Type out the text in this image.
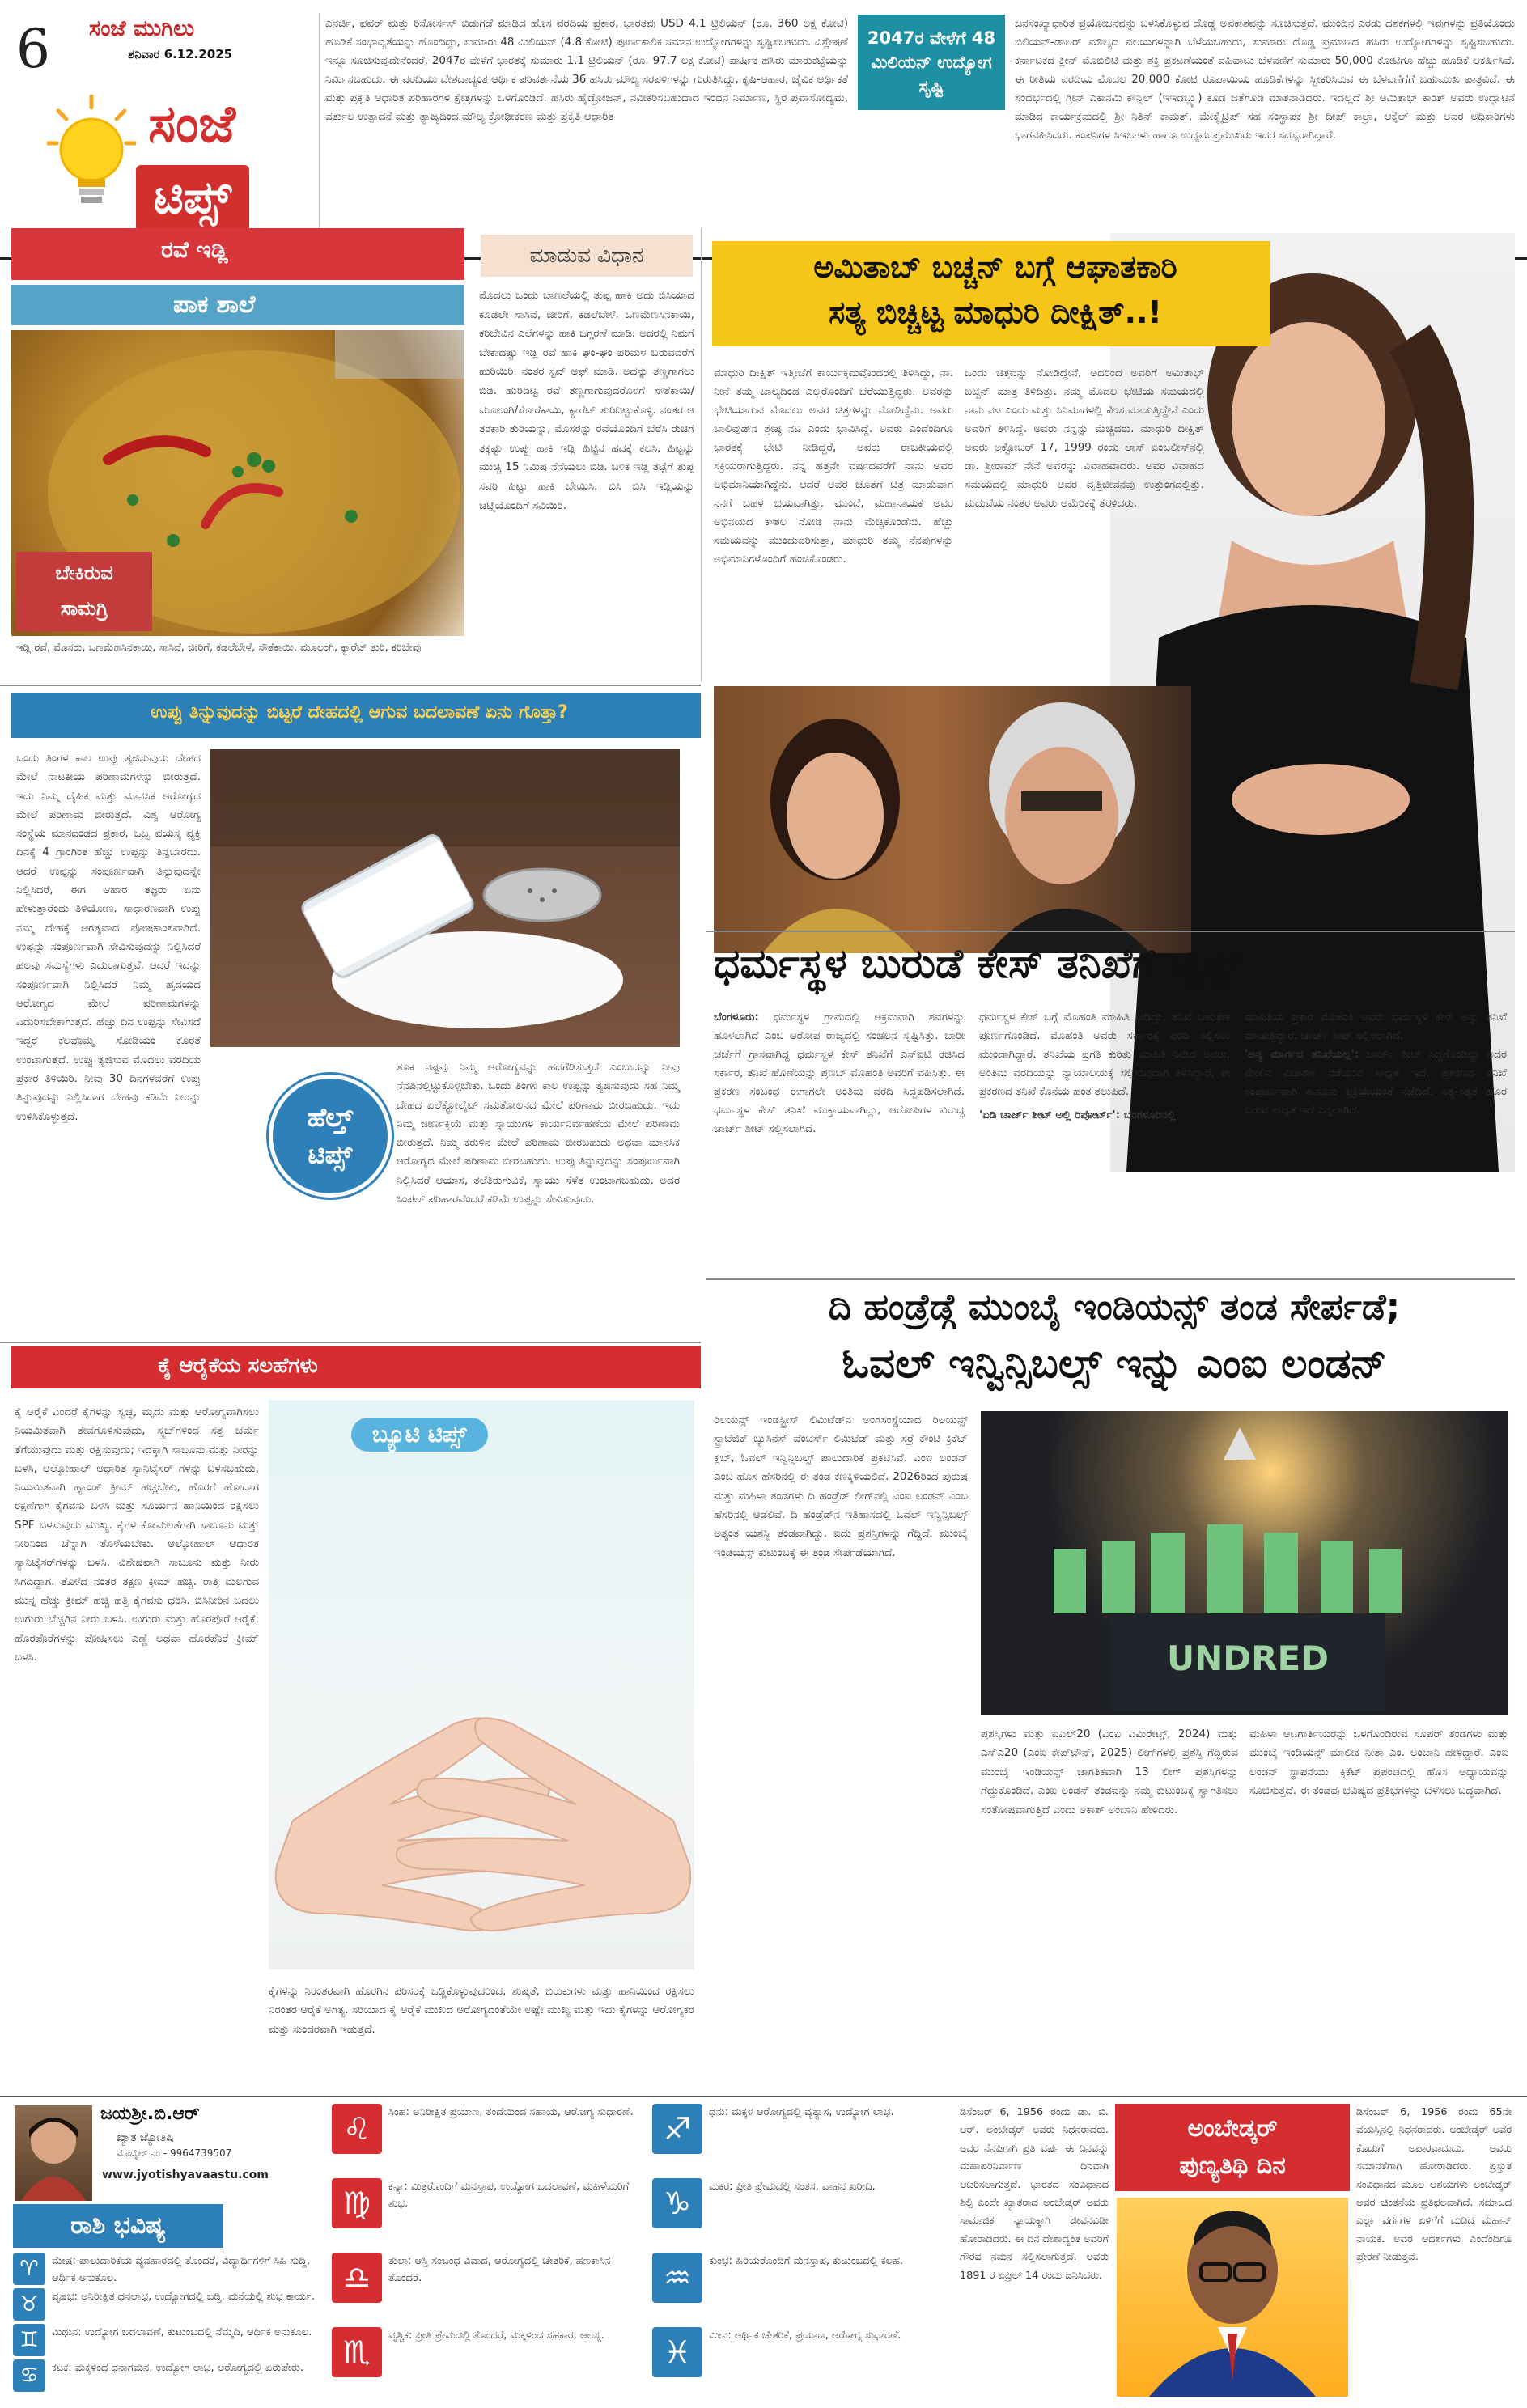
6 ಸಂಜೆ ಮುಗಿಲು
ಶನಿವಾರ 6.12.2025
ಸಂಜೆ
ಟಿಪ್ಸ್
ಎನರ್ಜಿ, ಪವರ್ ಮತ್ತು ರಿಸೋರ್ಸಸ್ ಬಿಡುಗಡೆ ಮಾಡಿದ ಹೊಸ ವರದಿಯ ಪ್ರಕಾರ, ಭಾರತವು USD 4.1 ಟ್ರಿಲಿಯನ್ (ರೂ. 360 ಲಕ್ಷ ಕೋಟಿ) ಹೂಡಿಕೆ ಸಂಭಾವ್ಯತೆಯನ್ನು ಹೊಂದಿದ್ದು, ಸುಮಾರು 48 ಮಿಲಿಯನ್ (4.8 ಕೋಟಿ) ಪೂರ್ಣಕಾಲಿಕ ಸಮಾನ ಉದ್ಯೋಗಗಳನ್ನು ಸೃಷ್ಟಿಸಬಹುದು. ವಿಶ್ಲೇಷಣೆ ಇನ್ನೂ ಸೂಚಿಸುವುದೇನೆಂದರೆ, 2047ರ ವೇಳೆಗೆ ಭಾರತಕ್ಕೆ ಸುಮಾರು 1.1 ಟ್ರಿಲಿಯನ್ (ರೂ. 97.7 ಲಕ್ಷ ಕೋಟಿ) ವಾರ್ಷಿಕ ಹಸಿರು ಮಾರುಕಟ್ಟೆಯನ್ನು ನಿರ್ಮಿಸಬಹುದು. ಈ ವರದಿಯು ದೇಶದಾದ್ಯಂತ ಆರ್ಥಿಕ ಪರಿವರ್ತನೆಯ 36 ಹಸಿರು ಮೌಲ್ಯ ಸರಪಳಿಗಳನ್ನು ಗುರುತಿಸಿದ್ದು, ಕೃಷಿ-ಆಹಾರ, ಜೈವಿಕ ಆರ್ಥಿಕತೆ ಮತ್ತು ಪ್ರಕೃತಿ ಆಧಾರಿತ ಪರಿಹಾರಗಳ ಕ್ಷೇತ್ರಗಳನ್ನು ಒಳಗೊಂಡಿದೆ. ಹಸಿರು ಹೈಡ್ರೋಜನ್, ನವೀಕರಿಸಬಹುದಾದ ಇಂಧನ ನಿರ್ಮಾಣ, ಸ್ಥಿರ ಪ್ರವಾಸೋದ್ಯಮ, ವರ್ತುಲ ಉತ್ಪಾದನೆ ಮತ್ತು ತ್ಯಾಜ್ಯದಿಂದ ಮೌಲ್ಯ ಕ್ರೋಢೀಕರಣ ಮತ್ತು ಪ್ರಕೃತಿ ಆಧಾರಿತ
2047ರ ವೇಳೆಗೆ 48 ಮಿಲಿಯನ್ ಉದ್ಯೋಗ ಸೃಷ್ಟಿ
ಜನಸಂಖ್ಯಾಧಾರಿತ ಪ್ರಯೋಜನವನ್ನು ಬಳಸಿಕೊಳ್ಳುವ ದೊಡ್ಡ ಅವಕಾಶವನ್ನು ಸೂಚಿಸುತ್ತದೆ. ಮುಂದಿನ ಎರಡು ದಶಕಗಳಲ್ಲಿ ಇವುಗಳನ್ನು ಪ್ರತಿಯೊಂದು ಬಿಲಿಯನ್-ಡಾಲರ್ ಮೌಲ್ಯದ ವಲಯಗಳನ್ನಾಗಿ ಬೆಳೆಯಬಹುದು, ಸುಮಾರು ದೊಡ್ಡ ಪ್ರಮಾಣದ ಹಸಿರು ಉದ್ಯೋಗಗಳನ್ನು ಸೃಷ್ಟಿಸಬಹುದು. ಕರ್ನಾಟಕದ ಕ್ಲೀನ್ ಮೊಬಿಲಿಟಿ ಮತ್ತು ಶಕ್ತಿ ಪ್ರಕಟಣೆಯಂತೆ ವಹಿವಾಟು ಬೆಳವಣಿಗೆ ಸುಮಾರು 50,000 ಕೋಟಿಗೂ ಹೆಚ್ಚು ಹೂಡಿಕೆ ಆಕರ್ಷಿಸಿವೆ. ಈ ರೀತಿಯ ವರದಿಯ ಮೊದಲ 20,000 ಕೋಟಿ ರೂಪಾಯಿಯ ಹೂಡಿಕೆಗಳನ್ನು ಸ್ವೀಕರಿಸಿರುವ ಈ ಬೆಳವಣಿಗೆಗೆ ಬಹುಮುಖ ಪಾತ್ರವಿದೆ. ಈ ಸಂದರ್ಭದಲ್ಲಿ ಗ್ರೀನ್ ಎಕಾನಮಿ ಕೌನ್ಸಿಲ್ (ಇಇಡಬ್ಲ್ಯು) ಕೂಡ ಜತೆಗೂಡಿ ಮಾತನಾಡಿದರು. ಇದಲ್ಲದೆ ಶ್ರೀ ಅಮಿತಾಭ್ ಕಾಂತ್ ಅವರು ಉದ್ಘಾಟನೆ ಮಾಡಿದ ಕಾರ್ಯಕ್ರಮದಲ್ಲಿ ಶ್ರೀ ನಿತಿನ್ ಕಾಮತ್, ಮೇಕ್ಮೈಟ್ರಿಪ್ ಸಹ ಸಂಸ್ಥಾಪಕ ಶ್ರೀ ದೀಪ್ ಕಾಲ್ರಾ, ಆಕ್ಸೆಲ್ ಮತ್ತು ಅವರ ಅಧಿಕಾರಿಗಳು ಭಾಗವಹಿಸಿದರು. ಕಂಪನಿಗಳ ಸಿಇಒಗಳು ಹಾಗೂ ಉದ್ಯಮ ಪ್ರಮುಖರು ಇದರ ಸದಸ್ಯರಾಗಿದ್ದಾರೆ.
ರವೆ ಇಡ್ಲಿ	ಮಾಡುವ ವಿಧಾನ
ಪಾಕ ಶಾಲೆ
ಬೇಕಿರುವ
ಸಾಮಗ್ರಿ
ಇಡ್ಲಿ ರವೆ, ಮೊಸರು, ಒಣಮೆಣಸಿನಕಾಯಿ, ಸಾಸಿವೆ, ಜೀರಿಗೆ, ಕಡಲೆಬೇಳೆ, ಸೌತೆಕಾಯಿ, ಮೂಲಂಗಿ, ಕ್ಯಾರೆಟ್ ತುರಿ, ಕರಿಬೇವು
ಮೊದಲು ಒಂದು ಬಾಣಲೆಯಲ್ಲಿ ತುಪ್ಪ ಹಾಕಿ ಅದು ಬಿಸಿಯಾದ ಕೂಡಲೇ ಸಾಸಿವೆ, ಜೀರಿಗೆ, ಕಡಲೆಬೇಳೆ, ಒಣಮೆಣಸಿನಕಾಯಿ, ಕರಿಬೇವಿನ ಎಲೆಗಳನ್ನು ಹಾಕಿ ಒಗ್ಗರಣೆ ಮಾಡಿ. ಅದರಲ್ಲಿ ನಿಮಗೆ ಬೇಕಾದಷ್ಟು ಇಡ್ಲಿ ರವೆ ಹಾಕಿ ಘಂ-ಘಂ ಪರಿಮಳ ಬರುವವರೆಗೆ ಹುರಿಯಿರಿ. ನಂತರ ಸ್ಟವ್ ಆಫ್ ಮಾಡಿ. ಅದನ್ನು ತಣ್ಣಗಾಗಲು ಬಿಡಿ. ಹುರಿದಿಟ್ಟ ರವೆ ತಣ್ಣಗಾಗುವುದರೊಳಗೆ ಸೌತೆಕಾಯಿ/ಮೂಲಂಗಿ/ಸೋರೆಕಾಯಿ, ಕ್ಯಾರೆಟ್ ತುರಿದಿಟ್ಟುಕೊಳ್ಳಿ. ನಂತರ ಆ ತರಕಾರಿ ತುರಿಯನ್ನು, ಮೊಸರನ್ನು ರವೆಯೊಂದಿಗೆ ಬೆರೆಸಿ ರುಚಿಗೆ ತಕ್ಕಷ್ಟು ಉಪ್ಪು ಹಾಕಿ ಇಡ್ಲಿ ಹಿಟ್ಟಿನ ಹದಕ್ಕೆ ಕಲಸಿ. ಹಿಟ್ಟನ್ನು ಮುಚ್ಚಿ 15 ನಿಮಿಷ ನೆನೆಯಲು ಬಿಡಿ. ಬಳಿಕ ಇಡ್ಲಿ ತಟ್ಟೆಗೆ ತುಪ್ಪ ಸವರಿ ಹಿಟ್ಟು ಹಾಕಿ ಬೇಯಿಸಿ. ಬಿಸಿ ಬಿಸಿ ಇಡ್ಲಿಯನ್ನು ಚಟ್ನಿಯೊಂದಿಗೆ ಸವಿಯಿರಿ.
ಅಮಿತಾಬ್ ಬಚ್ಚನ್ ಬಗ್ಗೆ ಆಘಾತಕಾರಿ
ಸತ್ಯ ಬಿಚ್ಚಿಟ್ಟ ಮಾಧುರಿ ದೀಕ್ಷಿತ್..!
ಮಾಧುರಿ ದೀಕ್ಷಿತ್ ಇತ್ತೀಚೆಗೆ ಕಾರ್ಯಕ್ರಮವೊಂದರಲ್ಲಿ ತಿಳಿಸಿದ್ದು, ನಾ. ನೀನೆ ತಮ್ಮ ಬಾಲ್ಯದಿಂದ ಎಲ್ಲರೊಂದಿಗೆ ಬೆರೆಯುತ್ತಿದ್ದರು. ಅವರನ್ನು ಭೇಟಿಯಾಗುವ ಮೊದಲು ಅವರ ಚಿತ್ರಗಳನ್ನು ನೋಡಿದ್ದೆನು. ಅವರು ಬಾಲಿವುಡ್‌ನ ಶ್ರೇಷ್ಠ ನಟ ಎಂದು ಭಾವಿಸಿದ್ದೆ. ಅವರು ಎಂದೆಂದಿಗೂ ಭಾರತಕ್ಕೆ ಭೇಟಿ ನೀಡಿದ್ದರೆ, ಅವರು ರಾಜಕೀಯದಲ್ಲಿ ಸಕ್ರಿಯರಾಗುತ್ತಿದ್ದರು. ನನ್ನ ಹತ್ತನೇ ವರ್ಷದವರೆಗೆ ನಾನು ಅವರ ಅಭಿಮಾನಿಯಾಗಿದ್ದೆನು. ಆದರೆ ಅವರ ಜೊತೆಗೆ ಚಿತ್ರ ಮಾಡುವಾಗ ನನಗೆ ಬಹಳ ಭಯವಾಗಿತ್ತು. ಮುಂದೆ, ಮಹಾನಾಯಕ ಅವರ ಅಭಿನಯದ ಕೌಶಲ ನೋಡಿ ನಾನು ಮೆಚ್ಚಿಕೊಂಡೆನು. ಹೆಚ್ಚು ಸಮಯವನ್ನು ಮುಂದುವರಿಸುತ್ತಾ, ಮಾಧುರಿ ತಮ್ಮ ನೆನಪುಗಳನ್ನು ಅಭಿಮಾನಿಗಳೊಂದಿಗೆ ಹಂಚಿಕೊಂಡರು.
ಒಂದು ಚಿತ್ರವನ್ನು ನೋಡಿದ್ದೇನೆ, ಅದರಿಂದ ಅವರಿಗೆ ಅಮಿತಾಭ್ ಬಚ್ಚನ್ ಮಾತ್ರ ತಿಳಿದಿತ್ತು. ನಮ್ಮ ಮೊದಲ ಭೇಟಿಯ ಸಮಯದಲ್ಲಿ ನಾನು ನಟ ಎಂದು ಮತ್ತು ಸಿನಿಮಾಗಳಲ್ಲಿ ಕೆಲಸ ಮಾಡುತ್ತಿದ್ದೇನೆ ಎಂದು ಅವರಿಗೆ ತಿಳಿಸಿದ್ದೆ. ಅವರು ನನ್ನನ್ನು ಮೆಚ್ಚಿದರು. ಮಾಧುರಿ ದೀಕ್ಷಿತ್ ಅವರು ಅಕ್ಟೋಬರ್ 17, 1999 ರಂದು ಲಾಸ್ ಏಂಜಲೀಸ್‌ನಲ್ಲಿ ಡಾ. ಶ್ರೀರಾಮ್ ನೇನೆ ಅವರನ್ನು ವಿವಾಹವಾದರು. ಅವರ ವಿವಾಹದ ಸಮಯದಲ್ಲಿ ಮಾಧುರಿ ಅವರ ವೃತ್ತಿಜೀವನವು ಉತ್ತುಂಗದಲ್ಲಿತ್ತು. ಮದುವೆಯ ನಂತರ ಅವರು ಅಮೆರಿಕಕ್ಕೆ ತೆರಳಿದರು.
ಉಪ್ಪು ತಿನ್ನುವುದನ್ನು ಬಿಟ್ಟರೆ ದೇಹದಲ್ಲಿ ಆಗುವ ಬದಲಾವಣೆ ಏನು ಗೊತ್ತಾ?
ಒಂದು ತಿಂಗಳ ಕಾಲ ಉಪ್ಪು ತ್ಯಜಿಸುವುದು ದೇಹದ ಮೇಲೆ ನಾಟಕೀಯ ಪರಿಣಾಮಗಳನ್ನು ಬೀರುತ್ತದೆ. ಇದು ನಿಮ್ಮ ದೈಹಿಕ ಮತ್ತು ಮಾನಸಿಕ ಆರೋಗ್ಯದ ಮೇಲೆ ಪರಿಣಾಮ ಬೀರುತ್ತದೆ. ವಿಶ್ವ ಆರೋಗ್ಯ ಸಂಸ್ಥೆಯ ಮಾನದಂಡದ ಪ್ರಕಾರ, ಒಬ್ಬ ವಯಸ್ಕ ವ್ಯಕ್ತಿ ದಿನಕ್ಕೆ 4 ಗ್ರಾಂಗಿಂತ ಹೆಚ್ಚು ಉಪ್ಪನ್ನು ತಿನ್ನಬಾರದು. ಆದರೆ ಉಪ್ಪನ್ನು ಸಂಪೂರ್ಣವಾಗಿ ತಿನ್ನುವುದನ್ನೇ ನಿಲ್ಲಿಸಿದರೆ, ಈಗ ಆಹಾರ ತಜ್ಞರು ಏನು ಹೇಳುತ್ತಾರೆಂದು ತಿಳಿಯೋಣ. ಸಾಧಾರಣವಾಗಿ ಉಪ್ಪು ನಮ್ಮ ದೇಹಕ್ಕೆ ಅಗತ್ಯವಾದ ಪೋಷಕಾಂಶವಾಗಿದೆ. ಉಪ್ಪನ್ನು ಸಂಪೂರ್ಣವಾಗಿ ಸೇವಿಸುವುದನ್ನು ನಿಲ್ಲಿಸಿದರೆ ಹಲವು ಸಮಸ್ಯೆಗಳು ಎದುರಾಗುತ್ತವೆ. ಆದರೆ ಇದನ್ನು ಸಂಪೂರ್ಣವಾಗಿ ನಿಲ್ಲಿಸಿದರೆ ನಿಮ್ಮ ಹೃದಯದ ಆರೋಗ್ಯದ ಮೇಲೆ ಪರಿಣಾಮಗಳನ್ನು ಎದುರಿಸಬೇಕಾಗುತ್ತದೆ. ಹೆಚ್ಚು ದಿನ ಉಪ್ಪನ್ನು ಸೇವಿಸದೆ ಇದ್ದರೆ ಕೆಲವೊಮ್ಮೆ ಸೋಡಿಯಂ ಕೊರತೆ ಉಂಟಾಗುತ್ತದೆ. ಉಪ್ಪು ತ್ಯಜಿಸುವ ಮೊದಲು ವರದಿಯ ಪ್ರಕಾರ ತಿಳಿಯಿರಿ. ನೀವು 30 ದಿನಗಳವರೆಗೆ ಉಪ್ಪು ತಿನ್ನುವುದನ್ನು ನಿಲ್ಲಿಸಿದಾಗ ದೇಹವು ಕಡಿಮೆ ನೀರನ್ನು ಉಳಿಸಿಕೊಳ್ಳುತ್ತದೆ.	ಹೆಲ್ತ್
ಟಿಪ್ಸ್
ತೂಕ ನಷ್ಟವು ನಿಮ್ಮ ಆರೋಗ್ಯವನ್ನು ಹದಗೆಡಿಸುತ್ತದೆ ಎಂಬುದನ್ನು ನೀವು ನೆನಪಿನಲ್ಲಿಟ್ಟುಕೊಳ್ಳಬೇಕು. ಒಂದು ತಿಂಗಳ ಕಾಲ ಉಪ್ಪನ್ನು ತ್ಯಜಿಸುವುದು ಸಹ ನಿಮ್ಮ ದೇಹದ ಏಲೆಕ್ಟ್ರೋಲೈಟ್ ಸಮತೋಲನದ ಮೇಲೆ ಪರಿಣಾಮ ಬೀರಬಹುದು. ಇದು ನಿಮ್ಮ ಜೀರ್ಣಕ್ರಿಯೆ ಮತ್ತು ಸ್ನಾಯುಗಳ ಕಾರ್ಯನಿರ್ವಹಣೆಯ ಮೇಲೆ ಪರಿಣಾಮ ಬೀರುತ್ತದೆ. ನಿಮ್ಮ ಕರುಳಿನ ಮೇಲೆ ಪರಿಣಾಮ ಬೀರಬಹುದು ಅಥವಾ ಮಾನಸಿಕ ಆರೋಗ್ಯದ ಮೇಲೆ ಪರಿಣಾಮ ಬೀರಬಹುದು. ಉಪ್ಪು ತಿನ್ನುವುದನ್ನು ಸಂಪೂರ್ಣವಾಗಿ ನಿಲ್ಲಿಸಿದರೆ ಆಯಾಸ, ತಲೆತಿರುಗುವಿಕೆ, ಸ್ನಾಯು ಸೆಳೆತ ಉಂಟಾಗಬಹುದು. ಅದರ ಸಿಂಪಲ್ ಪರಿಹಾರವೆಂದರೆ ಕಡಿಮೆ ಉಪ್ಪನ್ನು ಸೇವಿಸುವುದು.
ಧರ್ಮಸ್ಥಳ ಬುರುಡೆ ಕೇಸ್ ತನಿಖೆಗೆ ಟ್ವಿಸ್ಟ್
ಬೆಂಗಳೂರು: ಧರ್ಮಸ್ಥಳ ಗ್ರಾಮದಲ್ಲಿ ಅಕ್ರಮವಾಗಿ ಶವಗಳನ್ನು ಹೂಳಲಾಗಿದೆ ಎಂಬ ಆರೋಪ ರಾಜ್ಯದಲ್ಲಿ ಸಂಚಲನ ಸೃಷ್ಟಿಸಿತ್ತು. ಭಾರೀ ಚರ್ಚೆಗೆ ಗ್ರಾಸವಾಗಿದ್ದ ಧರ್ಮಸ್ಥಳ ಕೇಸ್ ತನಿಖೆಗೆ ಎಸ್‌ಐಟಿ ರಚಿಸಿದ ಸರ್ಕಾರ, ತನಿಖೆ ಹೊಣೆಯನ್ನು ಪ್ರಣಬ್ ಮೊಹಂತಿ ಅವರಿಗೆ ವಹಿಸಿತ್ತು. ಈ ಪ್ರಕರಣ ಸಂಬಂಧ ಈಗಾಗಲೇ ಅಂತಿಮ ವರದಿ ಸಿದ್ದಪಡಿಸಲಾಗಿದೆ. ಧರ್ಮಸ್ಥಳ ಕೇಸ್ ತನಿಖೆ ಮುಕ್ತಾಯವಾಗಿದ್ದು, ಆರೋಪಿಗಳ ವಿರುದ್ಧ ಚಾರ್ಜ್ ಶೀಟ್ ಸಲ್ಲಿಸಲಾಗಿದೆ.
ಧರ್ಮಸ್ಥಳ ಕೇಸ್ ಬಗ್ಗೆ ಮೊಹಂತಿ ಮಾಹಿತಿ ನೀಡಿದ್ದು, ತನಿಖೆ ಬಹುತೇಕ ಪೂರ್ಣಗೊಂಡಿದೆ. ಮೊಹಂತಿ ಅವರು ಸರ್ಕಾರಕ್ಕೆ ವರದಿ ಸಲ್ಲಿಸಲು ಮುಂದಾಗಿದ್ದಾರೆ. ತನಿಖೆಯ ಪ್ರಗತಿ ಕುರಿತು ಮಾಹಿತಿ ನೀಡಿದ ಅವರು, ಅಂತಿಮ ವರದಿಯನ್ನು ನ್ಯಾಯಾಲಯಕ್ಕೆ ಸಲ್ಲಿಸುವುದಾಗಿ ತಿಳಿಸಿದ್ದಾರೆ. ಈ ಪ್ರಕರಣದ ತನಿಖೆ ಕೊನೆಯ ಹಂತ ತಲುಪಿದೆ.
'ಏಡಿ ಚಾರ್ಜ್ ಶೀಟ್ ಅಲ್ಲಿ ರಿಪೋರ್ಟ್': ಬೆಂಗಳೂರಿನಲ್ಲಿ
ಮಾಹಿತಿಯ ಪ್ರಕಾರ ಮೊಹಂತಿ ಅವರು ಧರ್ಮಸ್ಥಳ ಕೇಸ್ ಅನ್ನು ತನಿಖೆ ಮಾಡುತ್ತಿದ್ದಾರೆ. ಚಾರ್ಜ್ ಶೀಟ್ ಸಲ್ಲಿಸಲಾಗಿದೆ.
'ಅನ್ಯ ಮಾರ್ಗದ ತನಿಖೆಯಲ್ಲ': ಚಾರ್ಜ್ ಶೀಟ್ ಸಿದ್ದಗೊಂಡಿದ್ದು ಅದರ ಮೇಲಿನ ವಿಚಾರಣೆ ನಡೆಯುವ ಸಾಧ್ಯತೆ ಇದೆ. ಪ್ರಕರಣದ ತನಿಖೆ ಸಂಪೂರ್ಣವಾಗಿ ಕಾನೂನು ಪ್ರಕ್ರಿಯೆಯಂತೆ ನಡೆದಿದೆ. ಸತ್ಯ-ಸತ್ಯತೆ ಹೊರ ಬರುವ ಸಾಧ್ಯತೆ ಇದೆ ಎನ್ನಲಾಗಿದೆ.
ಕೈ ಆರೈಕೆಯ ಸಲಹೆಗಳು
ಕೈ ಆರೈಕೆ ಎಂದರೆ ಕೈಗಳನ್ನು ಸ್ವಚ್ಛ, ಮೃದು ಮತ್ತು ಆರೋಗ್ಯವಾಗಿಸಲು ನಿಯಮಿತವಾಗಿ ತೇವಗೊಳಿಸುವುದು, ಸ್ಕ್ರಬ್‌ಗಳಿಂದ ಸತ್ತ ಚರ್ಮ ತೆಗೆಯುವುದು ಮತ್ತು ರಕ್ಷಿಸುವುದು; ಇದಕ್ಕಾಗಿ ಸಾಬೂನು ಮತ್ತು ನೀರನ್ನು ಬಳಸಿ, ಆಲ್ಕೋಹಾಲ್ ಆಧಾರಿತ ಸ್ಯಾನಿಟೈಸರ್ ಗಳನ್ನು ಬಳಸಬಹುದು, ನಿಯಮಿತವಾಗಿ ಹ್ಯಾಂಡ್ ಕ್ರೀಮ್ ಹಚ್ಚಬೇಕು, ಹೊರಗೆ ಹೋದಾಗ ರಕ್ಷಣೆಗಾಗಿ ಕೈಗವಸು ಬಳಸಿ ಮತ್ತು ಸೂರ್ಯನ ಹಾನಿಯಿಂದ ರಕ್ಷಿಸಲು SPF ಬಳಸುವುದು ಮುಖ್ಯ. ಕೈಗಳ ಕೋಮಲತೆಗಾಗಿ ಸಾಬೂನು ಮತ್ತು ನೀರಿನಿಂದ ಚೆನ್ನಾಗಿ ತೊಳೆಯಬೇಕು. ಆಲ್ಕೋಹಾಲ್ ಆಧಾರಿತ ಸ್ಯಾನಿಟೈಸರ್‌ಗಳನ್ನು ಬಳಸಿ. ವಿಶೇಷವಾಗಿ ಸಾಬೂನು ಮತ್ತು ನೀರು ಸಿಗದಿದ್ದಾಗ. ತೊಳೆದ ನಂತರ ತಕ್ಷಣ ಕ್ರೀಮ್ ಹಚ್ಚಿ. ರಾತ್ರಿ ಮಲಗುವ ಮುನ್ನ ಹೆಚ್ಚು ಕ್ರೀಮ್ ಹಚ್ಚಿ ಹತ್ತಿ ಕೈಗವಸು ಧರಿಸಿ. ಬಿಸಿನೀರಿನ ಬದಲು ಉಗುರು ಬೆಚ್ಚಗಿನ ನೀರು ಬಳಸಿ. ಉಗುರು ಮತ್ತು ಹೊರಪೊರೆ ಆರೈಕೆ: ಹೊರಪೊರೆಗಳನ್ನು ಪೋಷಿಸಲು ಎಣ್ಣೆ ಅಥವಾ ಹೊರಪೊರೆ ಕ್ರೀಮ್ ಬಳಸಿ.
ಬ್ಯೂಟಿ ಟಿಪ್ಸ್
ಕೈಗಳನ್ನು ನಿರಂತರವಾಗಿ ಹೊರಗಿನ ಪರಿಸರಕ್ಕೆ ಒಡ್ಡಿಕೊಳ್ಳುವುದರಿಂದ, ಶುಷ್ಕತೆ, ಬಿರುಕುಗಳು ಮತ್ತು ಹಾನಿಯಿಂದ ರಕ್ಷಿಸಲು ನಿರಂತರ ಆರೈಕೆ ಅಗತ್ಯ. ಸರಿಯಾದ ಕೈ ಆರೈಕೆ ಮುಖದ ಆರೋಗ್ಯದಂತೆಯೇ ಅಷ್ಟೇ ಮುಖ್ಯ ಮತ್ತು ಇದು ಕೈಗಳನ್ನು ಆರೋಗ್ಯಕರ ಮತ್ತು ಸುಂದರವಾಗಿ ಇಡುತ್ತದೆ.
ದಿ ಹಂಡ್ರೆಡ್ಗೆ ಮುಂಬೈ ಇಂಡಿಯನ್ಸ್ ತಂಡ ಸೇರ್ಪಡೆ;
ಓವಲ್ ಇನ್ವಿನ್ಸಿಬಲ್ಸ್ ಇನ್ನು ಎಂಐ ಲಂಡನ್
ರಿಲಯನ್ಸ್ ಇಂಡಸ್ಟ್ರೀಸ್ ಲಿಮಿಟೆಡ್‌ನ ಅಂಗಸಂಸ್ಥೆಯಾದ ರಿಲಯನ್ಸ್ ಸ್ಟ್ರಾಟೆಜಿಕ್ ಬ್ಯುಸಿನೆಸ್ ವೆಂಚರ್ಸ್ ಲಿಮಿಟೆಡ್ ಮತ್ತು ಸರ್ರೆ ಕೌಂಟಿ ಕ್ರಿಕೆಟ್ ಕ್ಲಬ್, ಓವಲ್ ಇನ್ವಿನ್ಸಿಬಲ್ಸ್ ಪಾಲುದಾರಿಕೆ ಪ್ರಕಟಿಸಿವೆ. ಎಂಐ ಲಂಡನ್ ಎಂಬ ಹೊಸ ಹೆಸರಿನಲ್ಲಿ ಈ ತಂಡ ಕಣಕ್ಕಿಳಿಯಲಿದೆ. 2026ರಿಂದ ಪುರುಷ ಮತ್ತು ಮಹಿಳಾ ತಂಡಗಳು ದಿ ಹಂಡ್ರೆಡ್ ಲೀಗ್‌ನಲ್ಲಿ ಎಂಐ ಲಂಡನ್ ಎಂಬ ಹೆಸರಿನಲ್ಲಿ ಆಡಲಿವೆ. ದಿ ಹಂಡ್ರೆಡ್‌ನ ಇತಿಹಾಸದಲ್ಲಿ ಓವಲ್ ಇನ್ವಿನ್ಸಿಬಲ್ಸ್ ಅತ್ಯಂತ ಯಶಸ್ವಿ ತಂಡವಾಗಿದ್ದು, ಐದು ಪ್ರಶಸ್ತಿಗಳನ್ನು ಗೆದ್ದಿದೆ. ಮುಂಬೈ ಇಂಡಿಯನ್ಸ್ ಕುಟುಂಬಕ್ಕೆ ಈ ತಂಡ ಸೇರ್ಪಡೆಯಾಗಿದೆ.
UNDRED
ಪ್ರಶಸ್ತಿಗಳು ಮತ್ತು ಐಎಲ್‌20 (ಎಂಐ ಎಮಿರೇಟ್ಸ್, 2024) ಮತ್ತು ಎಸ್‌ಎ20 (ಎಂಐ ಕೇಪ್‌ಟೌನ್, 2025) ಲೀಗ್‌ಗಳಲ್ಲಿ ಪ್ರಶಸ್ತಿ ಗೆದ್ದಿರುವ ಮುಂಬೈ ಇಂಡಿಯನ್ಸ್ ಜಾಗತಿಕವಾಗಿ 13 ಲೀಗ್ ಪ್ರಶಸ್ತಿಗಳನ್ನು ಗೆದ್ದುಕೊಂಡಿದೆ. ಎಂಐ ಲಂಡನ್ ತಂಡವನ್ನು ನಮ್ಮ ಕುಟುಂಬಕ್ಕೆ ಸ್ವಾಗತಿಸಲು ಸಂತೋಷವಾಗುತ್ತಿದೆ ಎಂದು ಆಕಾಶ್ ಅಂಬಾನಿ ಹೇಳಿದರು.
ಮಹಿಳಾ ಆಟಗಾರ್ತಿಯರನ್ನು ಒಳಗೊಂಡಿರುವ ಸೂಪರ್ ತಂಡಗಳು ಮತ್ತು ಮುಂಬೈ ಇಂಡಿಯನ್ಸ್ ಮಾಲೀಕ ನೀತಾ ಎಂ. ಅಂಬಾನಿ ಹೇಳಿದ್ದಾರೆ. ಎಂಐ ಲಂಡನ್ ಸ್ಥಾಪನೆಯು ಕ್ರಿಕೆಟ್ ಪ್ರಪಂಚದಲ್ಲಿ ಹೊಸ ಅಧ್ಯಾಯವನ್ನು ಸೂಚಿಸುತ್ತದೆ. ಈ ತಂಡವು ಭವಿಷ್ಯದ ಪ್ರತಿಭೆಗಳನ್ನು ಬೆಳೆಸಲು ಬದ್ಧವಾಗಿದೆ.
ಜಯಶ್ರೀ.ಬಿ.ಆರ್
ಖ್ಯಾತ ಜ್ಯೋತಿಷಿ
ಮೊಬೈಲ್ ನಂ - 9964739507
www.jyotishyavaastu.com
ರಾಶಿ ಭವಿಷ್ಯ
♈	ಮೇಷ: ಪಾಲುದಾರಿಕೆಯ ವ್ಯವಹಾರದಲ್ಲಿ ತೊಂದರೆ, ವಿದ್ಯಾರ್ಥಿಗಳಿಗೆ ಸಿಹಿ ಸುದ್ದಿ, ಆರ್ಥಿಕ ಅನುಕೂಲ.
♉	ವೃಷಭ: ಅನಿರೀಕ್ಷಿತ ಧನಲಾಭ, ಉದ್ಯೋಗದಲ್ಲಿ ಬಡ್ತಿ, ಮನೆಯಲ್ಲಿ ಶುಭ ಕಾರ್ಯ.
♊	ಮಿಥುನ: ಉದ್ಯೋಗ ಬದಲಾವಣೆ, ಕುಟುಂಬದಲ್ಲಿ ನೆಮ್ಮದಿ, ಆರ್ಥಿಕ ಅನುಕೂಲ.
♋	ಕಟಕ: ಮಕ್ಕಳಿಂದ ಧನಾಗಮನ, ಉದ್ಯೋಗ ಲಾಭ, ಆರೋಗ್ಯದಲ್ಲಿ ಏರುಪೇರು.
♌	ಸಿಂಹ: ಅನಿರೀಕ್ಷಿತ ಪ್ರಯಾಣ, ತಂದೆಯಿಂದ ಸಹಾಯ, ಆರೋಗ್ಯ ಸುಧಾರಣೆ.
♍	ಕನ್ಯಾ: ಮಿತ್ರರೊಂದಿಗೆ ಮನಸ್ತಾಪ, ಉದ್ಯೋಗ ಬದಲಾವಣೆ, ಮಹಿಳೆಯರಿಗೆ ಶುಭ.
♎	ತುಲಾ: ಆಸ್ತಿ ಸಂಬಂಧ ವಿವಾದ, ಆರೋಗ್ಯದಲ್ಲಿ ಚೇತರಿಕೆ, ಹಣಕಾಸಿನ ತೊಂದರೆ.
♏	ವೃಶ್ಚಿಕ: ಪ್ರೀತಿ ಪ್ರೇಮದಲ್ಲಿ ತೊಂದರೆ, ಮಕ್ಕಳಿಂದ ಸಹಕಾರ, ಆಲಸ್ಯ.
♐	ಧನು: ಮಕ್ಕಳ ಆರೋಗ್ಯದಲ್ಲಿ ವ್ಯತ್ಯಾಸ, ಉದ್ಯೋಗ ಲಾಭ.
♑	ಮಕರ: ಪ್ರೀತಿ ಪ್ರೇಮದಲ್ಲಿ ಸಂತಸ, ವಾಹನ ಖರೀದಿ.
♒	ಕುಂಭ: ಹಿರಿಯರೊಂದಿಗೆ ಮನಸ್ತಾಪ, ಕುಟುಂಬದಲ್ಲಿ ಕಲಹ.
♓	ಮೀನ: ಆರ್ಥಿಕ ಚೇತರಿಕೆ, ಪ್ರಯಾಣ, ಆರೋಗ್ಯ ಸುಧಾರಣೆ.
ಡಿಸೆಂಬರ್ 6, 1956 ರಂದು ಡಾ. ಬಿ. ಆರ್. ಅಂಬೇಡ್ಕರ್ ಅವರು ನಿಧನರಾದರು. ಅವರ ನೆನಪಿಗಾಗಿ ಪ್ರತಿ ವರ್ಷ ಈ ದಿನವನ್ನು ಮಹಾಪರಿನಿರ್ವಾಣ ದಿನವಾಗಿ ಆಚರಿಸಲಾಗುತ್ತದೆ. ಭಾರತದ ಸಂವಿಧಾನದ ಶಿಲ್ಪಿ ಎಂದೇ ಖ್ಯಾತರಾದ ಅಂಬೇಡ್ಕರ್ ಅವರು ಸಾಮಾಜಿಕ ನ್ಯಾಯಕ್ಕಾಗಿ ಜೀವನವಿಡೀ ಹೋರಾಡಿದರು. ಈ ದಿನ ದೇಶಾದ್ಯಂತ ಅವರಿಗೆ ಗೌರವ ನಮನ ಸಲ್ಲಿಸಲಾಗುತ್ತದೆ. ಅವರು 1891 ರ ಏಪ್ರಿಲ್ 14 ರಂದು ಜನಿಸಿದರು.
ಅಂಬೇಡ್ಕರ್
ಪುಣ್ಯತಿಥಿ ದಿನ
ಡಿಸೆಂಬರ್ 6, 1956 ರಂದು 65ನೇ ವಯಸ್ಸಿನಲ್ಲಿ ನಿಧನರಾದರು. ಅಂಬೇಡ್ಕರ್ ಅವರ ಕೊಡುಗೆ ಅಪಾರವಾದುದು. ಅವರು ಸಮಾನತೆಗಾಗಿ ಹೋರಾಡಿದರು. ಪ್ರಸ್ತುತ ಸಂವಿಧಾನದ ಮೂಲ ಆಶಯಗಳು ಅಂಬೇಡ್ಕರ್ ಅವರ ಚಿಂತನೆಯ ಪ್ರತಿಫಲವಾಗಿದೆ. ಸಮಾಜದ ಎಲ್ಲಾ ವರ್ಗಗಳ ಏಳಿಗೆಗೆ ದುಡಿದ ಮಹಾನ್ ನಾಯಕ. ಅವರ ಆದರ್ಶಗಳು ಎಂದೆಂದಿಗೂ ಪ್ರೇರಣೆ ನೀಡುತ್ತವೆ.
